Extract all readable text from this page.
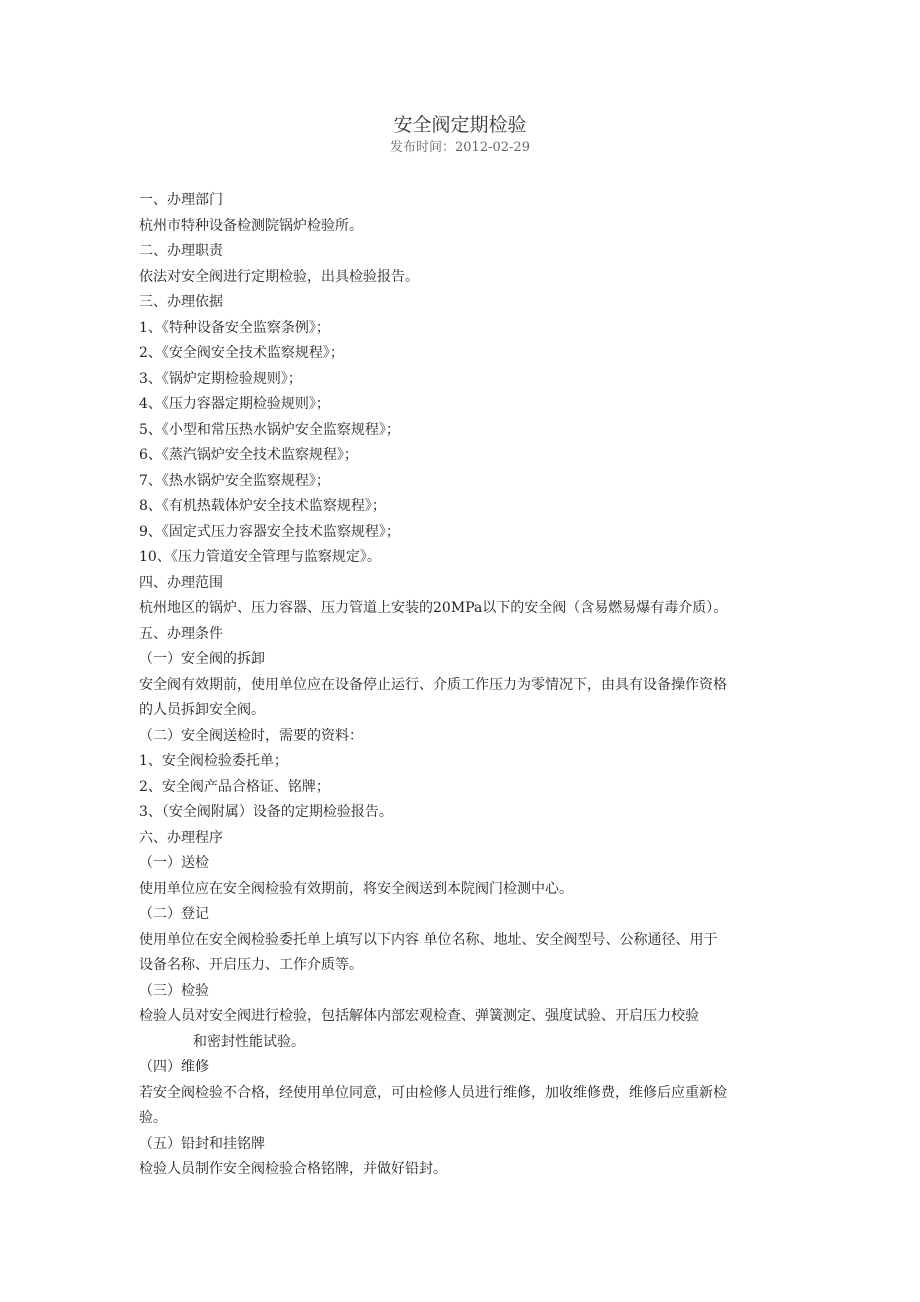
安全阀定期检验
发布时间：2012-02-29
一、办理部门
杭州市特种设备检测院锅炉检验所。
二、办理职责
依法对安全阀进行定期检验，出具检验报告。
三、办理依据
1、《特种设备安全监察条例》；
2、《安全阀安全技术监察规程》；
3、《锅炉定期检验规则》；
4、《压力容器定期检验规则》；
5、《小型和常压热水锅炉安全监察规程》；
6、《蒸汽锅炉安全技术监察规程》；
7、《热水锅炉安全监察规程》；
8、《有机热载体炉安全技术监察规程》；
9、《固定式压力容器安全技术监察规程》；
10、《压力管道安全管理与监察规定》。
四、办理范围
杭州地区的锅炉、压力容器、压力管道上安装的20MPa以下的安全阀（含易燃易爆有毒介质）。
五、办理条件
（一）安全阀的拆卸
安全阀有效期前，使用单位应在设备停止运行、介质工作压力为零情况下，由具有设备操作资格
的人员拆卸安全阀。
（二）安全阀送检时，需要的资料：
1、安全阀检验委托单；
2、安全阀产品合格证、铭牌；
3、（安全阀附属）设备的定期检验报告。
六、办理程序
（一）送检
使用单位应在安全阀检验有效期前，将安全阀送到本院阀门检测中心。
（二）登记
使用单位在安全阀检验委托单上填写以下内容 单位名称、地址、安全阀型号、公称通径、用于
设备名称、开启压力、工作介质等。
（三）检验
检验人员对安全阀进行检验，包括解体内部宏观检查、弹簧测定、强度试验、开启压力校验
和密封性能试验。
（四）维修
若安全阀检验不合格，经使用单位同意，可由检修人员进行维修，加收维修费，维修后应重新检
验。
（五）铅封和挂铭牌
检验人员制作安全阀检验合格铭牌，并做好铅封。
